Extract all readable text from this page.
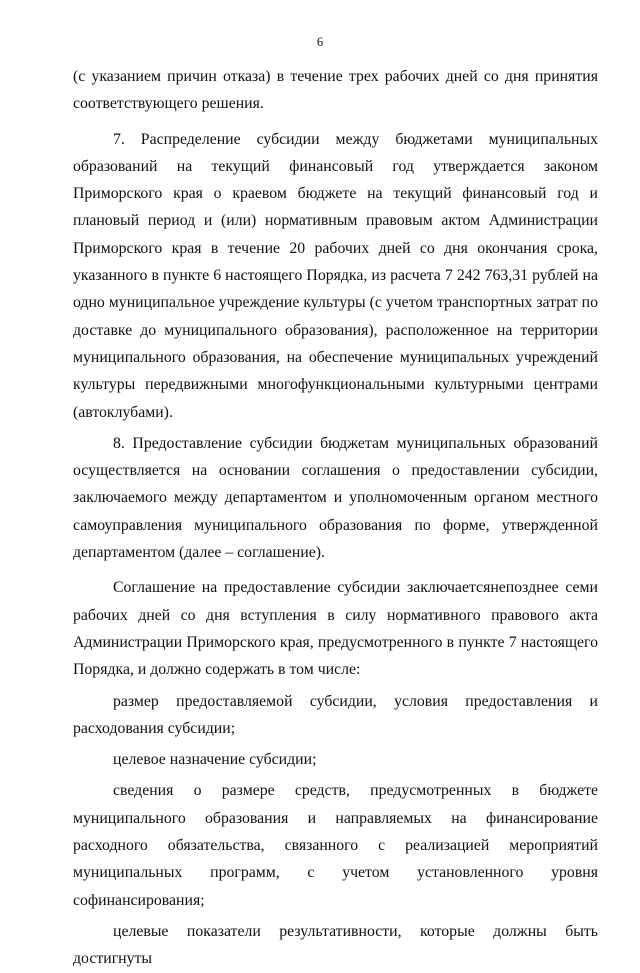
6

(с указанием причин отказа) в течение трех рабочих дней со дня принятия соответствующего решения.

7. Распределение субсидии между бюджетами муниципальных образований на текущий финансовый год утверждается законом Приморского края о краевом бюджете на текущий финансовый год и плановый период и (или) нормативным правовым актом Администрации Приморского края в течение 20 рабочих дней со дня окончания срока, указанного в пункте 6 настоящего Порядка, из расчета 7 242 763,31 рублей на одно муниципальное учреждение культуры (с учетом транспортных затрат по доставке до муниципального образования), расположенное на территории муниципального образования, на обеспечение муниципальных учреждений культуры передвижными многофункциональными культурными центрами (автоклубами).

8. Предоставление субсидии бюджетам муниципальных образований осуществляется на основании соглашения о предоставлении субсидии, заключаемого между департаментом и уполномоченным органом местного самоуправления муниципального образования по форме, утвержденной департаментом (далее – соглашение).

Соглашение на предоставление субсидии заключаетсянепозднее семи рабочих дней со дня вступления в силу нормативного правового акта Администрации Приморского края, предусмотренного в пункте 7 настоящего Порядка, и должно содержать в том числе:

размер предоставляемой субсидии, условия предоставления и расходования субсидии;

целевое назначение субсидии;

сведения о размере средств, предусмотренных в бюджете муниципального образования и направляемых на финансирование расходного обязательства, связанного с реализацией мероприятий муниципальных программ, с учетом установленного уровня софинансирования;

целевые показатели результативности, которые должны быть достигнуты
